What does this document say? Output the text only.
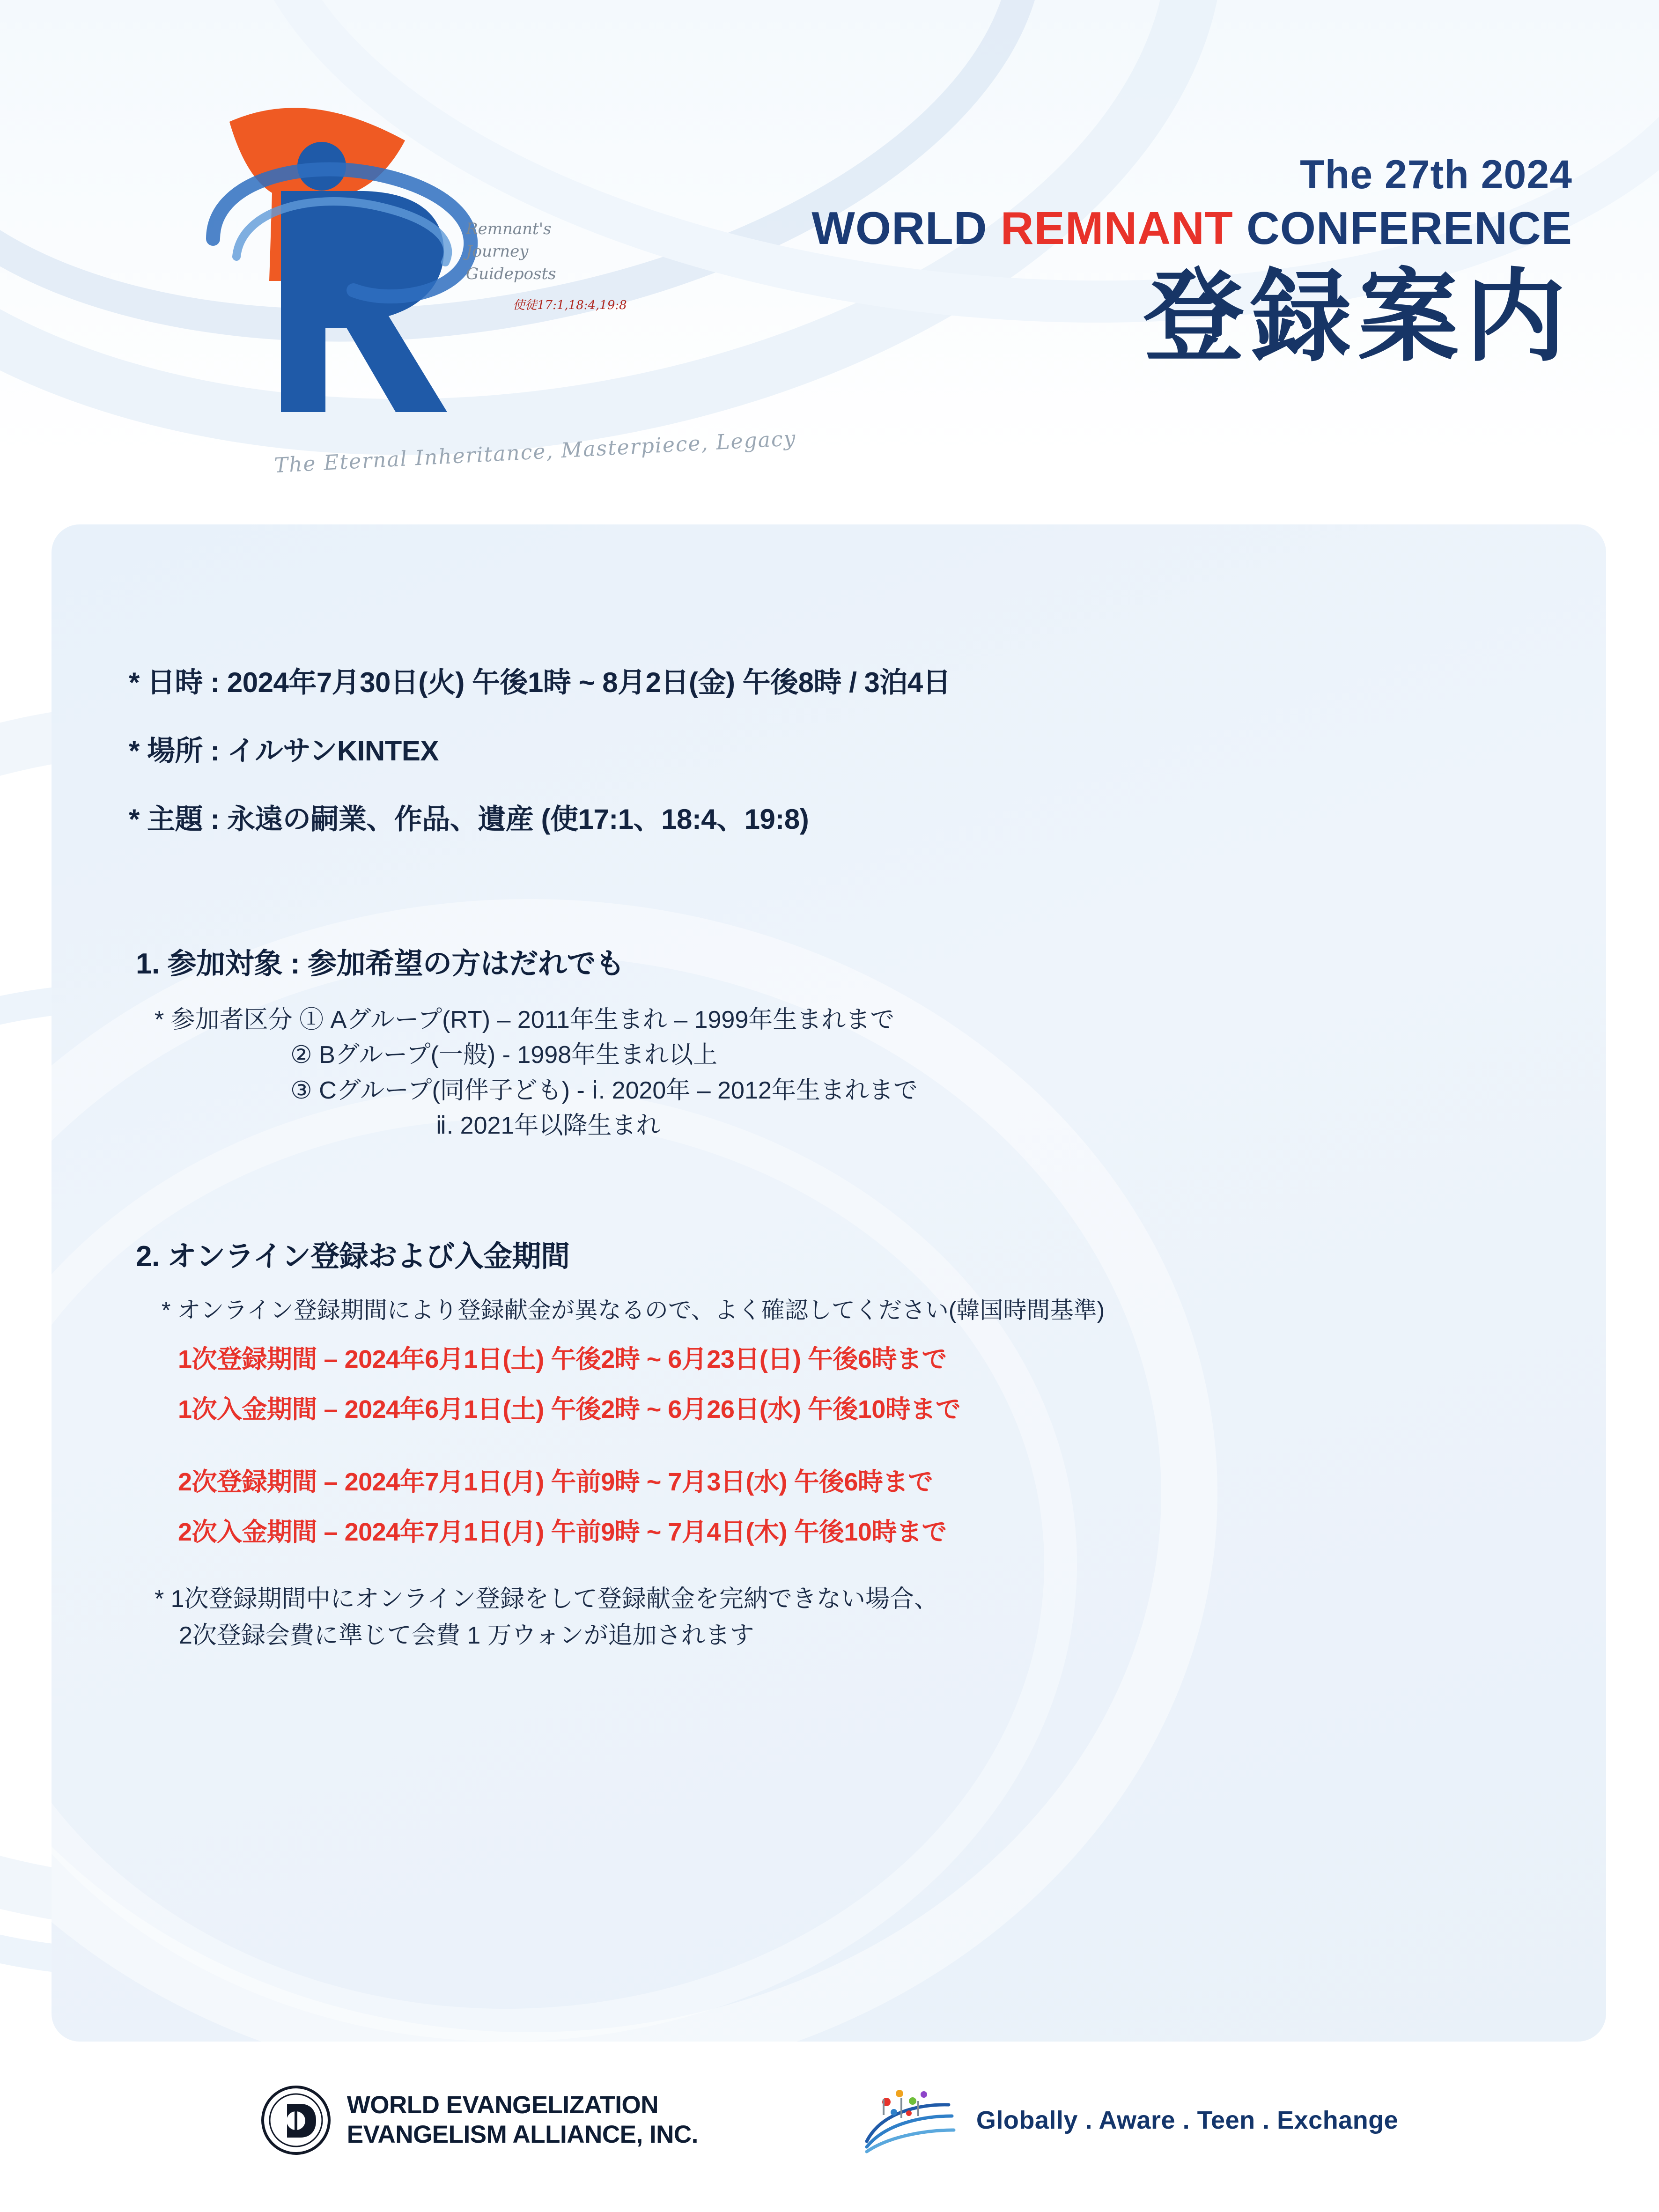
Remnant's
Journey
Guideposts
使徒17:1,18:4,19:8
The Eternal Inheritance, Masterpiece, Legacy
The 27th 2024
WORLD REMNANT CONFERENCE
登録案内
* 日時 : 2024年7月30日(火) 午後1時 ~ 8月2日(金) 午後8時 / 3泊4日
* 場所 : イルサンKINTEX
* 主題 : 永遠の嗣業、作品、遺産 (使17:1、18:4、19:8)
1. 参加対象 : 参加希望の方はだれでも
* 参加者区分 ① Aグループ(RT) – 2011年生まれ – 1999年生まれまで
② Bグループ(一般) - 1998年生まれ以上
③ Cグループ(同伴子ども) - ⅰ. 2020年 – 2012年生まれまで
ⅱ. 2021年以降生まれ
2. オンライン登録および入金期間
* オンライン登録期間により登録献金が異なるので、よく確認してください(韓国時間基準)
1次登録期間 – 2024年6月1日(土) 午後2時 ~ 6月23日(日) 午後6時まで
1次入金期間 – 2024年6月1日(土) 午後2時 ~ 6月26日(水) 午後10時まで
2次登録期間 – 2024年7月1日(月) 午前9時 ~ 7月3日(水) 午後6時まで
2次入金期間 – 2024年7月1日(月) 午前9時 ~ 7月4日(木) 午後10時まで
* 1次登録期間中にオンライン登録をして登録献金を完納できない場合、
2次登録会費に準じて会費 1 万ウォンが追加されます
WORLD EVANGELIZATION
EVANGELISM ALLIANCE, INC.
Globally . Aware . Teen . Exchange
